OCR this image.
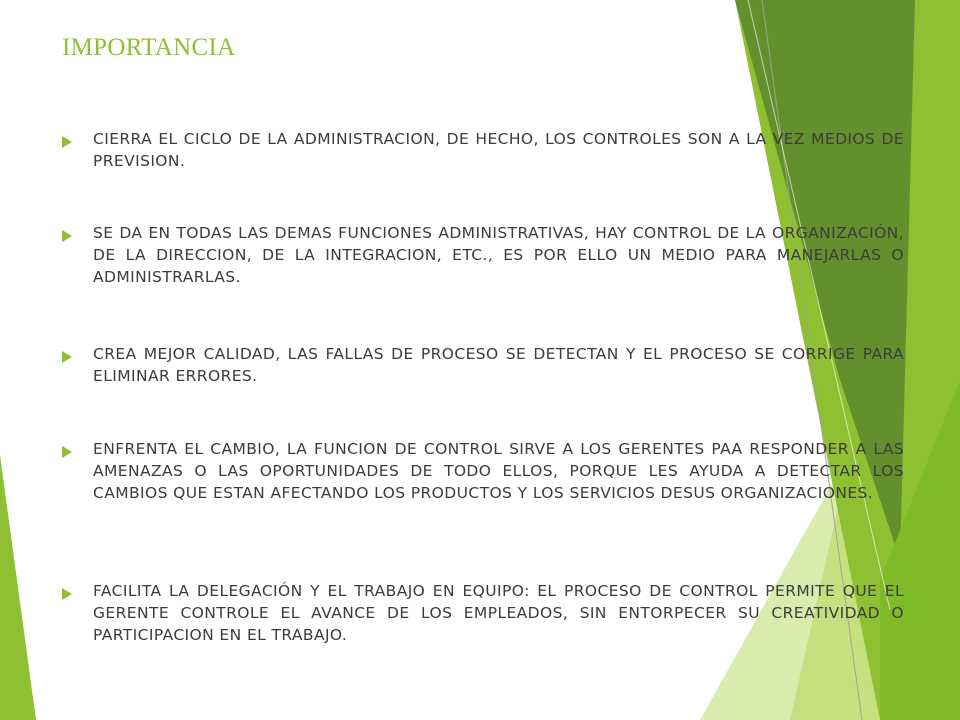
IMPORTANCIA
CIERRA EL CICLO DE LA ADMINISTRACION, DE HECHO, LOS CONTROLES SON A LA VEZ MEDIOS DE PREVISION.
SE DA EN TODAS LAS DEMAS FUNCIONES ADMINISTRATIVAS, HAY CONTROL DE LA ORGANIZACIÓN, DE LA DIRECCION, DE LA INTEGRACION, ETC., ES POR ELLO UN MEDIO PARA MANEJARLAS O ADMINISTRARLAS.
CREA MEJOR CALIDAD, LAS FALLAS DE PROCESO SE DETECTAN Y EL PROCESO SE CORRIGE PARA ELIMINAR ERRORES.
ENFRENTA EL CAMBIO, LA FUNCION DE CONTROL SIRVE A LOS GERENTES PAA RESPONDER A LAS AMENAZAS O LAS OPORTUNIDADES DE TODO ELLOS, PORQUE LES AYUDA A DETECTAR LOS CAMBIOS QUE ESTAN AFECTANDO LOS PRODUCTOS Y LOS SERVICIOS DESUS ORGANIZACIONES.
FACILITA LA DELEGACIÓN Y EL TRABAJO EN EQUIPO: EL PROCESO DE CONTROL PERMITE QUE EL GERENTE CONTROLE EL AVANCE DE LOS EMPLEADOS, SIN ENTORPECER SU CREATIVIDAD O PARTICIPACION EN EL TRABAJO.
